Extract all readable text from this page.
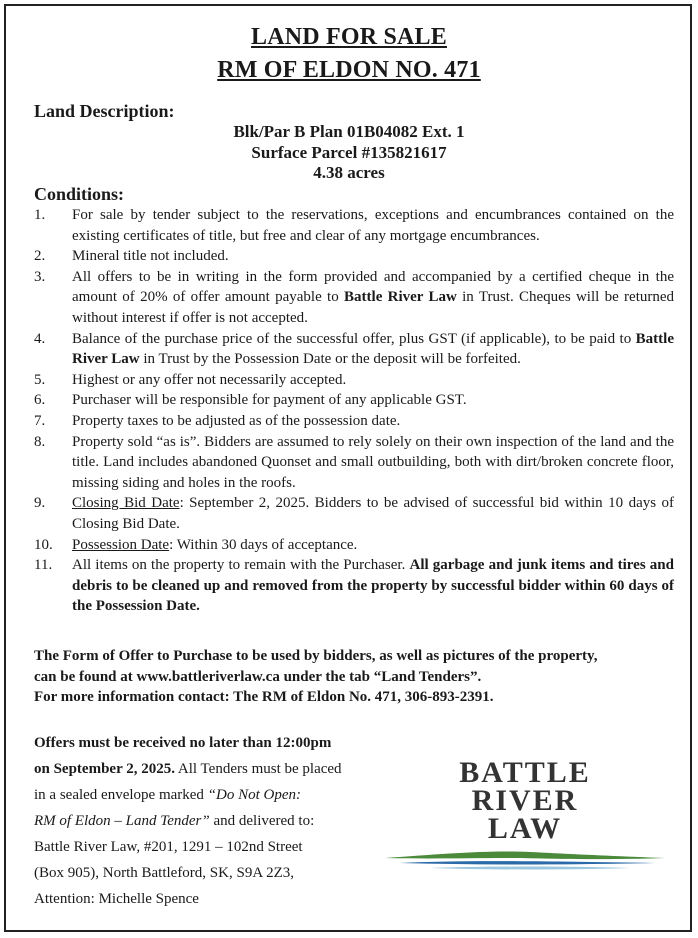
LAND FOR SALE
RM OF ELDON NO. 471
Land Description:
Blk/Par B Plan 01B04082 Ext. 1
Surface Parcel #135821617
4.38 acres
Conditions:
1.	For sale by tender subject to the reservations, exceptions and encumbrances contained on the existing certificates of title, but free and clear of any mortgage encumbrances.
2.	Mineral title not included.
3.	All offers to be in writing in the form provided and accompanied by a certified cheque in the amount of 20% of offer amount payable to Battle River Law in Trust. Cheques will be returned without interest if offer is not accepted.
4.	Balance of the purchase price of the successful offer, plus GST (if applicable), to be paid to Battle River Law in Trust by the Possession Date or the deposit will be forfeited.
5.	Highest or any offer not necessarily accepted.
6.	Purchaser will be responsible for payment of any applicable GST.
7.	Property taxes to be adjusted as of the possession date.
8.	Property sold “as is”. Bidders are assumed to rely solely on their own inspection of the land and the title. Land includes abandoned Quonset and small outbuilding, both with dirt/broken concrete floor, missing siding and holes in the roofs.
9.	Closing Bid Date: September 2, 2025. Bidders to be advised of successful bid within 10 days of Closing Bid Date.
10.	Possession Date: Within 30 days of acceptance.
11.	All items on the property to remain with the Purchaser. All garbage and junk items and tires and debris to be cleaned up and removed from the property by successful bidder within 60 days of the Possession Date.
The Form of Offer to Purchase to be used by bidders, as well as pictures of the property,
can be found at www.battleriverlaw.ca under the tab “Land Tenders”.
For more information contact: The RM of Eldon No. 471, 306-893-2391.
Offers must be received no later than 12:00pm
on September 2, 2025. All Tenders must be placed
in a sealed envelope marked “Do Not Open:
RM of Eldon – Land Tender” and delivered to:
Battle River Law, #201, 1291 – 102nd Street
(Box 905), North Battleford, SK, S9A 2Z3,
Attention: Michelle Spence
BATTLE
RIVER
LAW
